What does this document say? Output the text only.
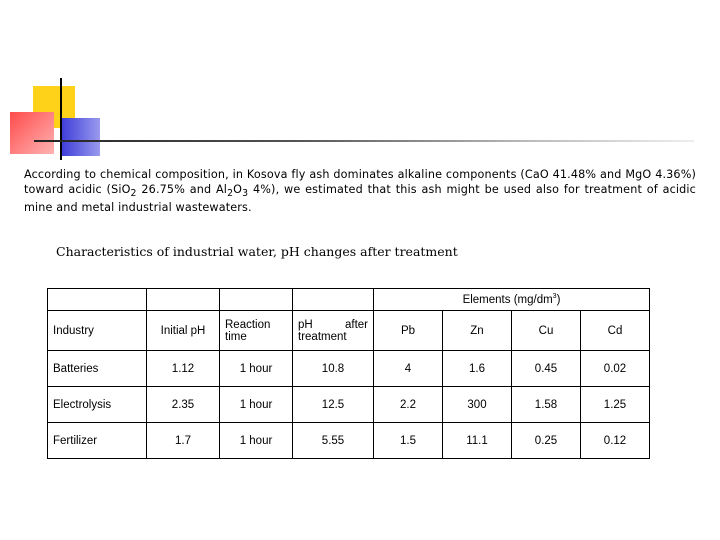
According to chemical composition, in Kosova fly ash dominates alkaline components (CaO 41.48% and MgO 4.36%) toward acidic (SiO$_2$ 26.75% and $Al_2O_3$ 4%), we estimated that this ash might be used also for treatment of acidic mine and metal industrial wastewaters.
Characteristics of industrial water, pH changes after treatment
				Elements $(mg/dm^3)$			
Industry	Initial pH	Reaction time	pH after treatment	Pb	Zn	Cu	Cd
Batteries	1.12	1 hour	10.8	4	1.6	0.45	0.02
Electrolysis	2.35	1 hour	12.5	2.2	300	1.58	1.25
Fertilizer	1.7	1 hour	5.55	1.5	11.1	0.25	0.12
